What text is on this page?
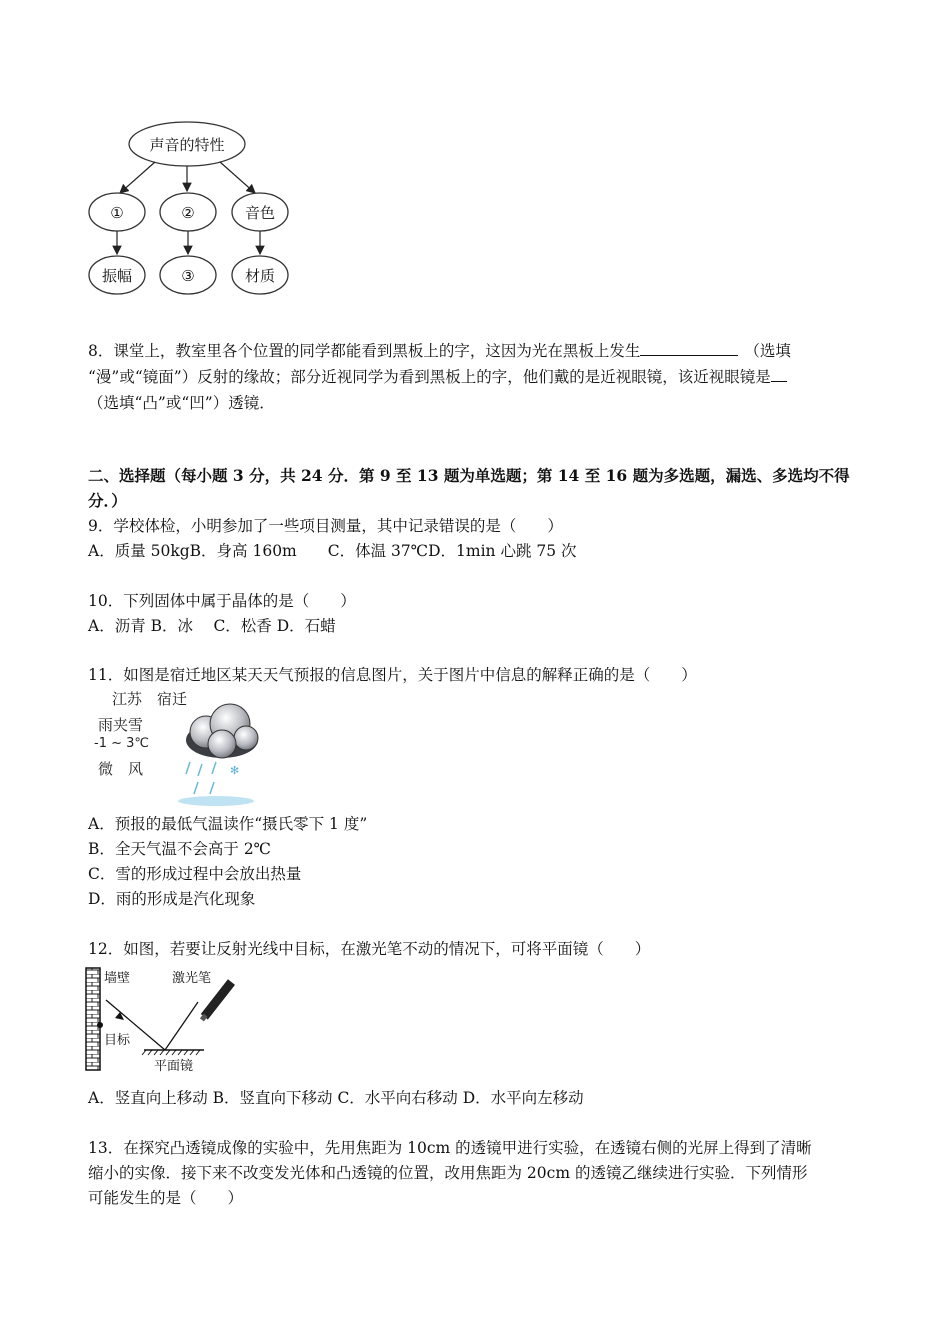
声音的特性
①	②	音色
振幅	③	材质
8．课堂上，教室里各个位置的同学都能看到黑板上的字，这因为光在黑板上发生	（选填
“漫”或“镜面”）反射的缘故；部分近视同学为看到黑板上的字，他们戴的是近视眼镜，该近视眼镜是
（选填“凸”或“凹”）透镜．
二、选择题（每小题 3 分，共 24 分．第 9 至 13 题为单选题；第 14 至 16 题为多选题，漏选、多选均不得
分．）
9．学校体检，小明参加了一些项目测量，其中记录错误的是（　　）
A．质量 50kgB．身高 160m　　C．体温 37℃D．1min 心跳 75 次
10．下列固体中属于晶体的是（　　）
A．沥青 B．冰　 C．松香 D．石蜡
11．如图是宿迁地区某天天气预报的信息图片，关于图片中信息的解释正确的是（　　）
江苏　宿迁
雨夹雪
-1 ~ 3℃
微　风	✻
A．预报的最低气温读作“摄氏零下 1 度”
B．全天气温不会高于 2℃
C．雪的形成过程中会放出热量
D．雨的形成是汽化现象
12．如图，若要让反射光线中目标，在激光笔不动的情况下，可将平面镜（　　）
墙壁	激光笔
目标
平面镜
A．竖直向上移动 B．竖直向下移动 C．水平向右移动 D．水平向左移动
13．在探究凸透镜成像的实验中，先用焦距为 10cm 的透镜甲进行实验，在透镜右侧的光屏上得到了清晰
缩小的实像．接下来不改变发光体和凸透镜的位置，改用焦距为 20cm 的透镜乙继续进行实验．下列情形
可能发生的是（　　）
